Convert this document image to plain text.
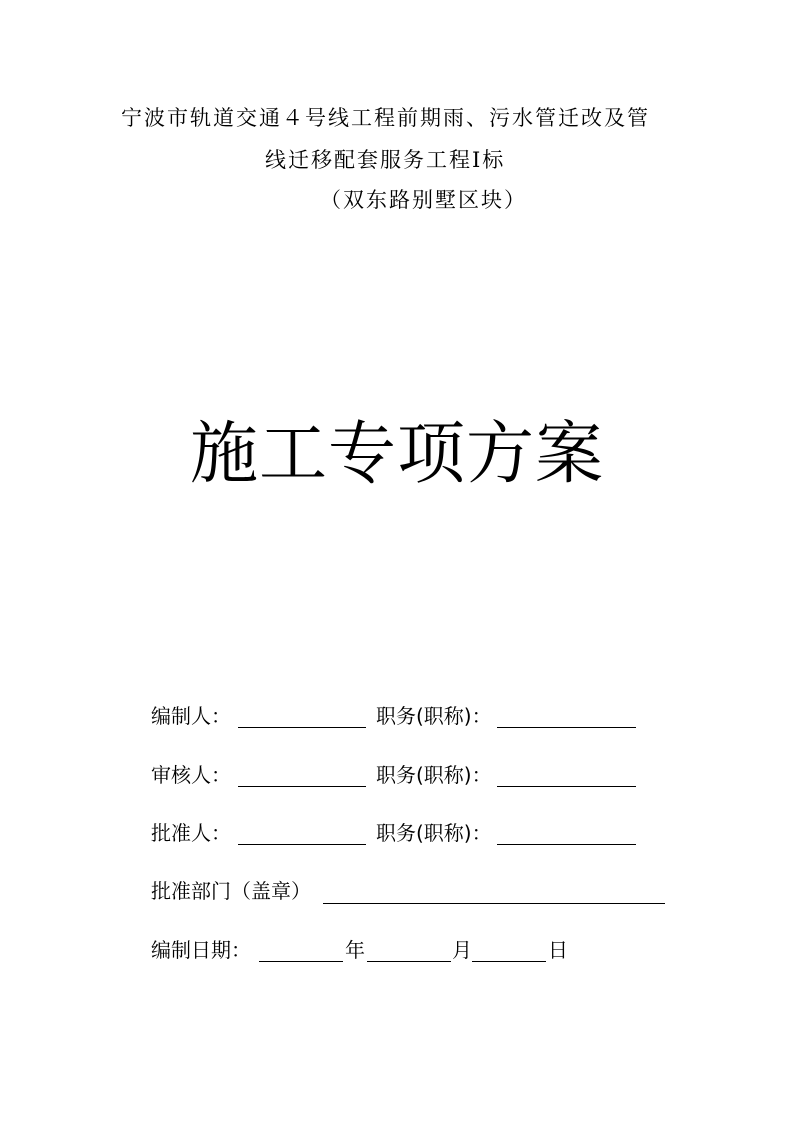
宁波市轨道交通４号线工程前期雨、污水管迁改及管
线迁移配套服务工程Ⅰ标
（双东路别墅区块）
施工专项方案
编制人：	职务(职称)：
审核人：	职务(职称)：
批准人：	职务(职称)：
批准部门（盖章）
编制日期：	年	月	日
